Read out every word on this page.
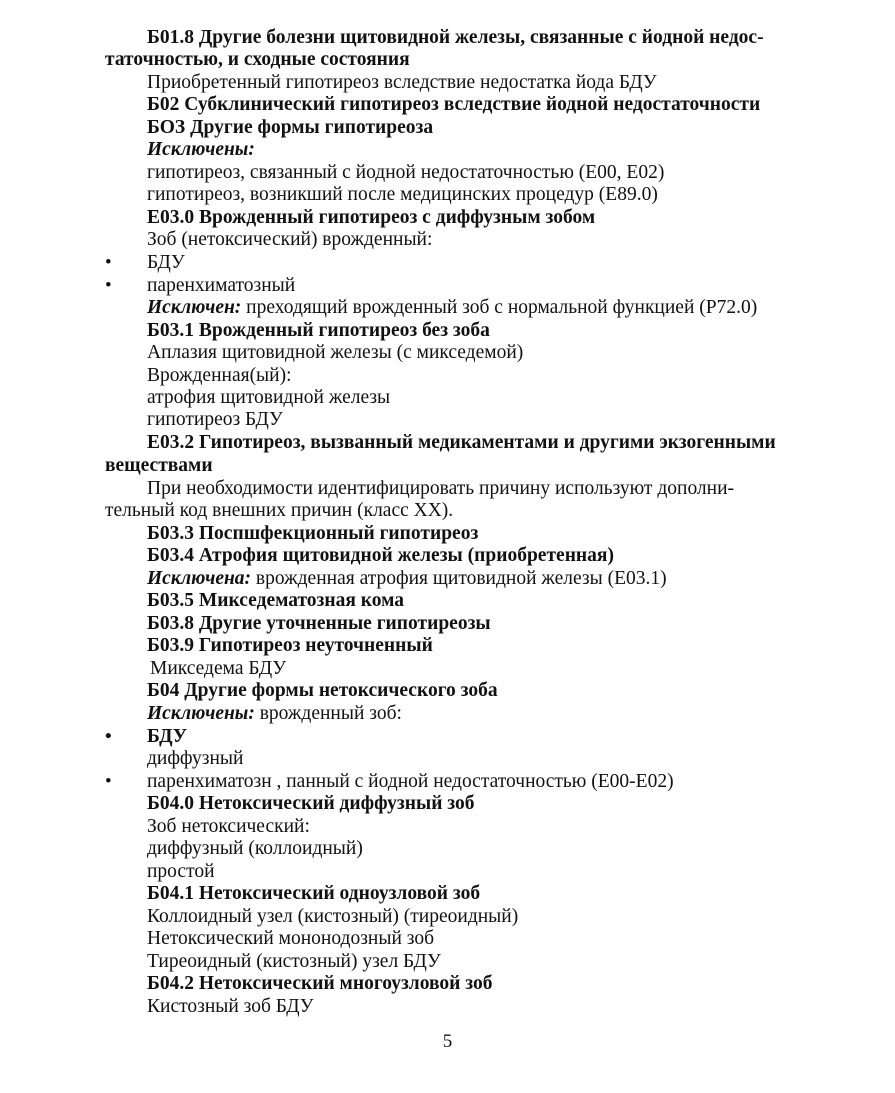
Б01.8 Другие болезни щитовидной железы, связанные с йодной недос-
таточностью, и сходные состояния
Приобретенный гипотиреоз вследствие недостатка йода БДУ
Б02 Субклинический гипотиреоз вследствие йодной недостаточности
БОЗ Другие формы гипотиреоза
Исключены:
гипотиреоз, связанный с йодной недостаточностью (Е00, Е02)
гипотиреоз, возникший после медицинских процедур (Е89.0)
Е03.0 Врожденный гипотиреоз с диффузным зобом
Зоб (нетоксический) врожденный:
• БДУ
• паренхиматозный
Исключен: преходящий врожденный зоб с нормальной функцией (Р72.0)
Б03.1 Врожденный гипотиреоз без зоба
Аплазия щитовидной железы (с микседемой)
Врожденная(ый):
атрофия щитовидной железы
гипотиреоз БДУ
Е03.2 Гипотиреоз, вызванный медикаментами и другими экзогенными
веществами
При необходимости идентифицировать причину используют дополни-
тельный код внешних причин (класс XX).
Б03.3 Поспшфекционный гипотиреоз
Б03.4 Атрофия щитовидной железы (приобретенная)
Исключена: врожденная атрофия щитовидной железы (Е03.1)
Б03.5 Микседематозная кома
Б03.8 Другие уточненные гипотиреозы
Б03.9 Гипотиреоз неуточненный
Микседема БДУ
Б04 Другие формы нетоксического зоба
Исключены: врожденный зоб:
• БДУ
диффузный
• паренхиматозн , панный с йодной недостаточностью (Е00-Е02)
Б04.0 Нетоксический диффузный зоб
Зоб нетоксический:
диффузный (коллоидный)
простой
Б04.1 Нетоксический одноузловой зоб
Коллоидный узел (кистозный) (тиреоидный)
Нетоксический мононодозный зоб
Тиреоидный (кистозный) узел БДУ
Б04.2 Нетоксический многоузловой зоб
Кистозный зоб БДУ
5
